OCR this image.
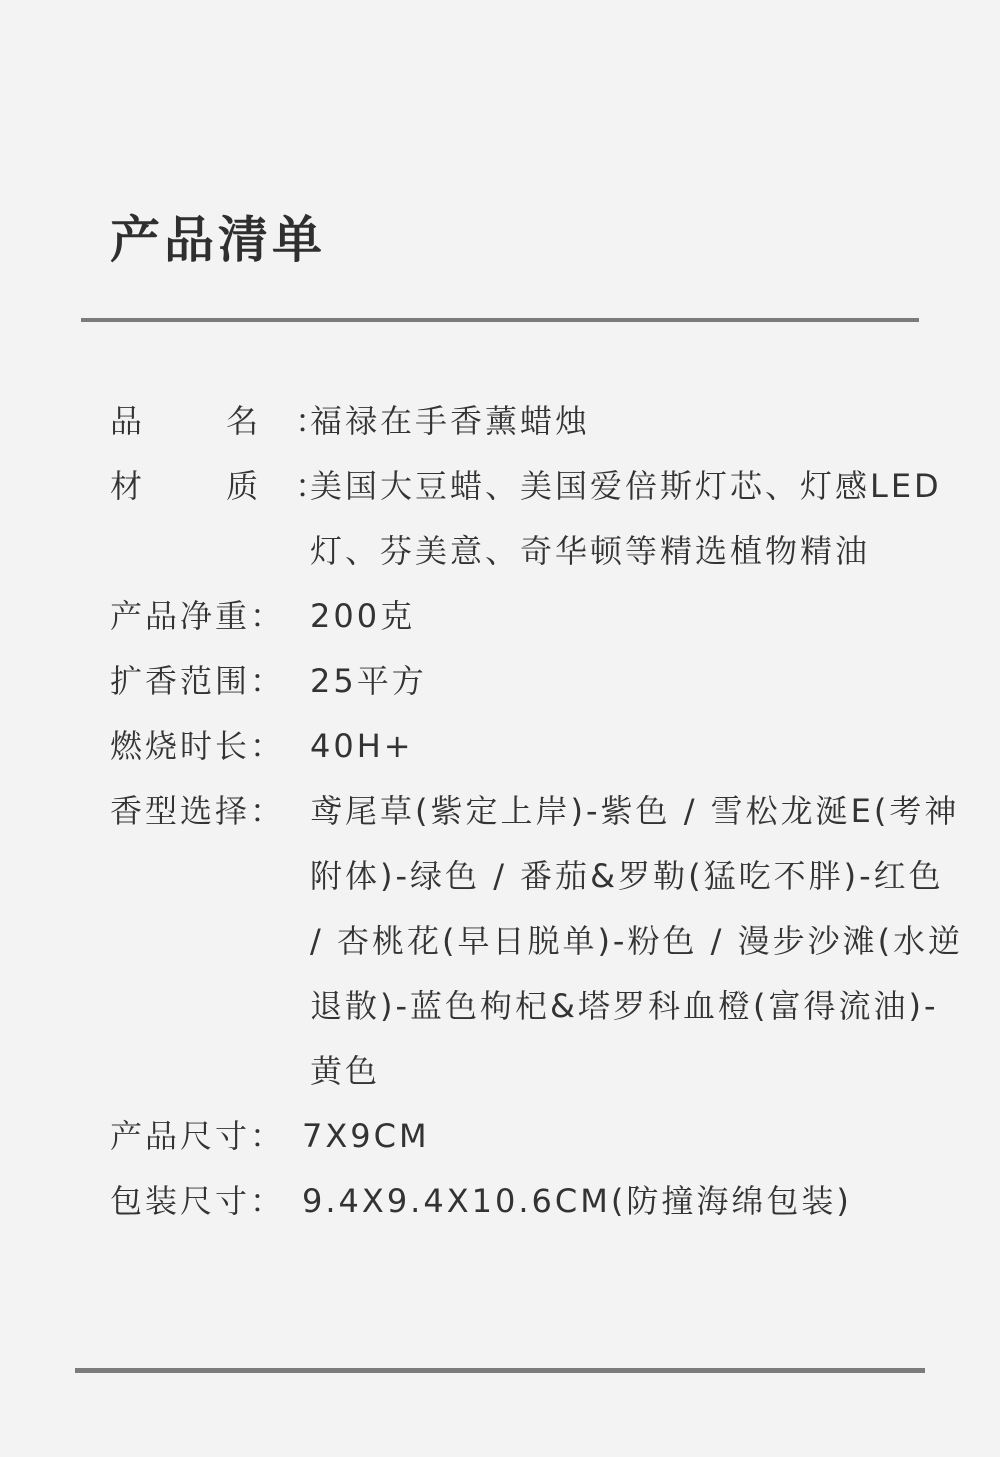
产品清单
品 名：
福禄在手香薰蜡烛
材 质：
美国大豆蜡、美国爱倍斯灯芯、灯感LED灯、芬美意、奇华顿等精选植物精油
产品净重： 200克
扩香范围： 25平方
燃烧时长： 40H+
香型选择： 鸢尾草(紫定上岸)-紫色 / 雪松龙涎E(考神附体)-绿色 / 番茄&罗勒(猛吃不胖)-红色 / 杏桃花(早日脱单)-粉色 / 漫步沙滩(水逆退散)-蓝色枸杞&塔罗科血橙(富得流油)-黄色
产品尺寸： 7X9CM
包装尺寸： 9.4X9.4X10.6CM(防撞海绵包装)
